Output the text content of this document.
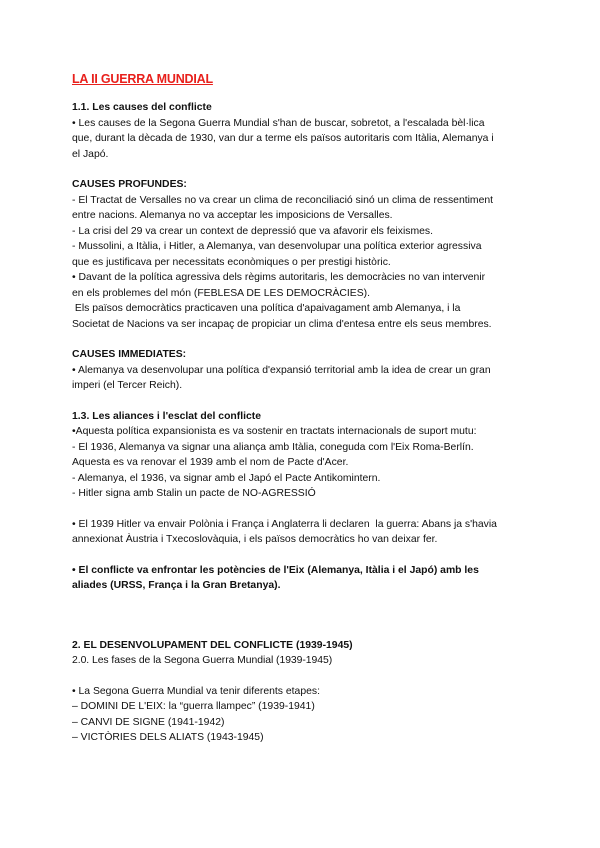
LA II GUERRA MUNDIAL
1.1. Les causes del conflicte
• Les causes de la Segona Guerra Mundial s'han de buscar, sobretot, a l'escalada bèl·lica
que, durant la dècada de 1930, van dur a terme els països autoritaris com Itàlia, Alemanya i
el Japó.
CAUSES PROFUNDES:
- El Tractat de Versalles no va crear un clima de reconciliació sinó un clima de ressentiment
entre nacions. Alemanya no va acceptar les imposicions de Versalles.
- La crisi del 29 va crear un context de depressió que va afavorir els feixismes.
- Mussolini, a Itàlia, i Hitler, a Alemanya, van desenvolupar una política exterior agressiva
que es justificava per necessitats econòmiques o per prestigi històric.
• Davant de la política agressiva dels règims autoritaris, les democràcies no van intervenir
en els problemes del món (FEBLESA DE LES DEMOCRÀCIES).
Els països democràtics practicaven una política d'apaivagament amb Alemanya, i la
Societat de Nacions va ser incapaç de propiciar un clima d'entesa entre els seus membres.
CAUSES IMMEDIATES:
• Alemanya va desenvolupar una política d'expansió territorial amb la idea de crear un gran
imperi (el Tercer Reich).
1.3. Les aliances i l'esclat del conflicte
•Aquesta política expansionista es va sostenir en tractats internacionals de suport mutu:
- El 1936, Alemanya va signar una aliança amb Itàlia, coneguda com l'Eix Roma-Berlín.
Aquesta es va renovar el 1939 amb el nom de Pacte d'Acer.
- Alemanya, el 1936, va signar amb el Japó el Pacte Antikomintern.
- Hitler signa amb Stalin un pacte de NO-AGRESSIÓ
• El 1939 Hitler va envair Polònia i França i Anglaterra li declaren  la guerra: Abans ja s'havia
annexionat Àustria i Txecoslovàquia, i els països democràtics ho van deixar fer.
• El conflicte va enfrontar les potències de l'Eix (Alemanya, Itàlia i el Japó) amb les
aliades (URSS, França i la Gran Bretanya).
2. EL DESENVOLUPAMENT DEL CONFLICTE (1939-1945)
2.0. Les fases de la Segona Guerra Mundial (1939-1945)
• La Segona Guerra Mundial va tenir diferents etapes:
– DOMINI DE L'EIX: la “guerra llampec” (1939-1941)
– CANVI DE SIGNE (1941-1942)
– VICTÒRIES DELS ALIATS (1943-1945)
